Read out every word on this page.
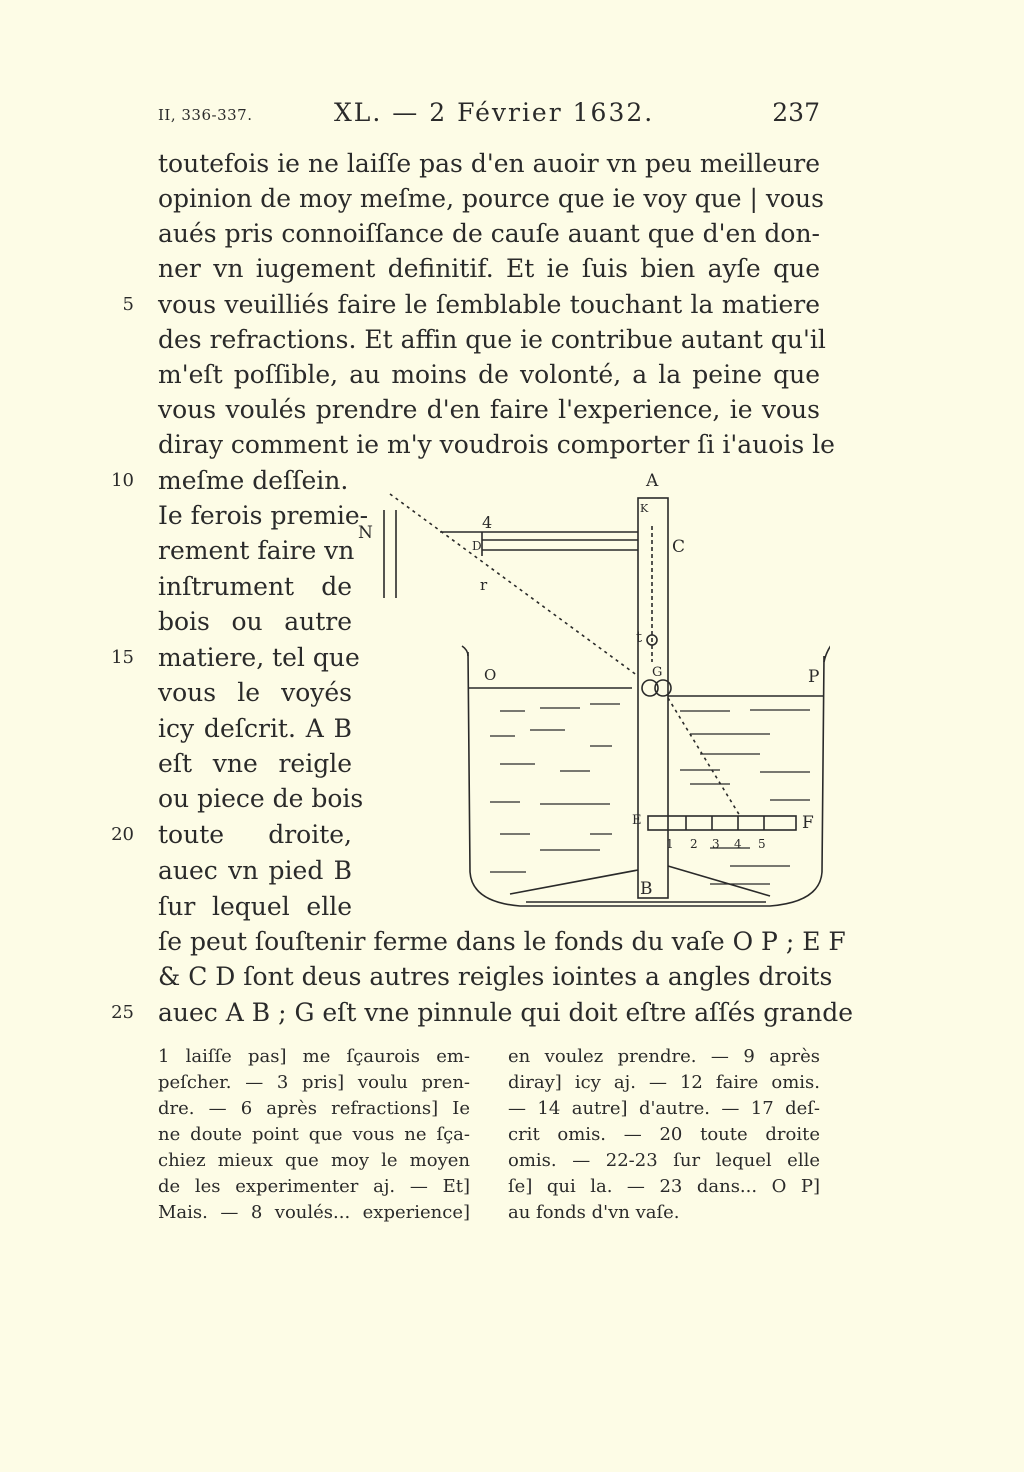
II, 336-337.	XL. — 2 Février 1632.	237
toutefois ie ne laiſſe pas d'en auoir vn peu meilleure
opinion de moy meſme, pource que ie voy que | vous
aués pris connoiſſance de cauſe auant que d'en don-
ner vn iugement definitif. Et ie ſuis bien ayſe que
vous veuilliés faire le ſemblable touchant la matiere
des refractions. Et affin que ie contribue autant qu'il
m'eſt poſſible, au moins de volonté, a la peine que
vous voulés prendre d'en faire l'experience, ie vous
diray comment ie m'y voudrois comporter ſi i'auois le
meſme deſſein.
Ie ferois premie-
rement faire vn
inſtrument de
bois ou autre
matiere, tel que
vous le voyés
icy deſcrit. A B
eſt vne reigle
ou piece de bois
toute droite,
auec vn pied B
ſur lequel elle
ſe peut ſouſtenir ferme dans le fonds du vaſe O P ; E F
& C D ſont deus autres reigles iointes a angles droits
auec A B ; G eſt vne pinnule qui doit eſtre aſſés grande
5
10
15
20
25
A
B
C
D
E	F
G
N
O	P
K
4
r
t
1 2 3 4 5
1 laiſſe pas] me ſçaurois em-
peſcher. — 3 pris] voulu pren-
dre. — 6 après refractions] Ie
ne doute point que vous ne ſça-
chiez mieux que moy le moyen
de les experimenter aj. — Et]
Mais. — 8 voulés... experience]
en voulez prendre. — 9 après
diray] icy aj. — 12 faire omis.
— 14 autre] d'autre. — 17 deſ-
crit omis. — 20 toute droite
omis. — 22-23 ſur lequel elle
ſe] qui la. — 23 dans... O P]
au fonds d'vn vaſe.
